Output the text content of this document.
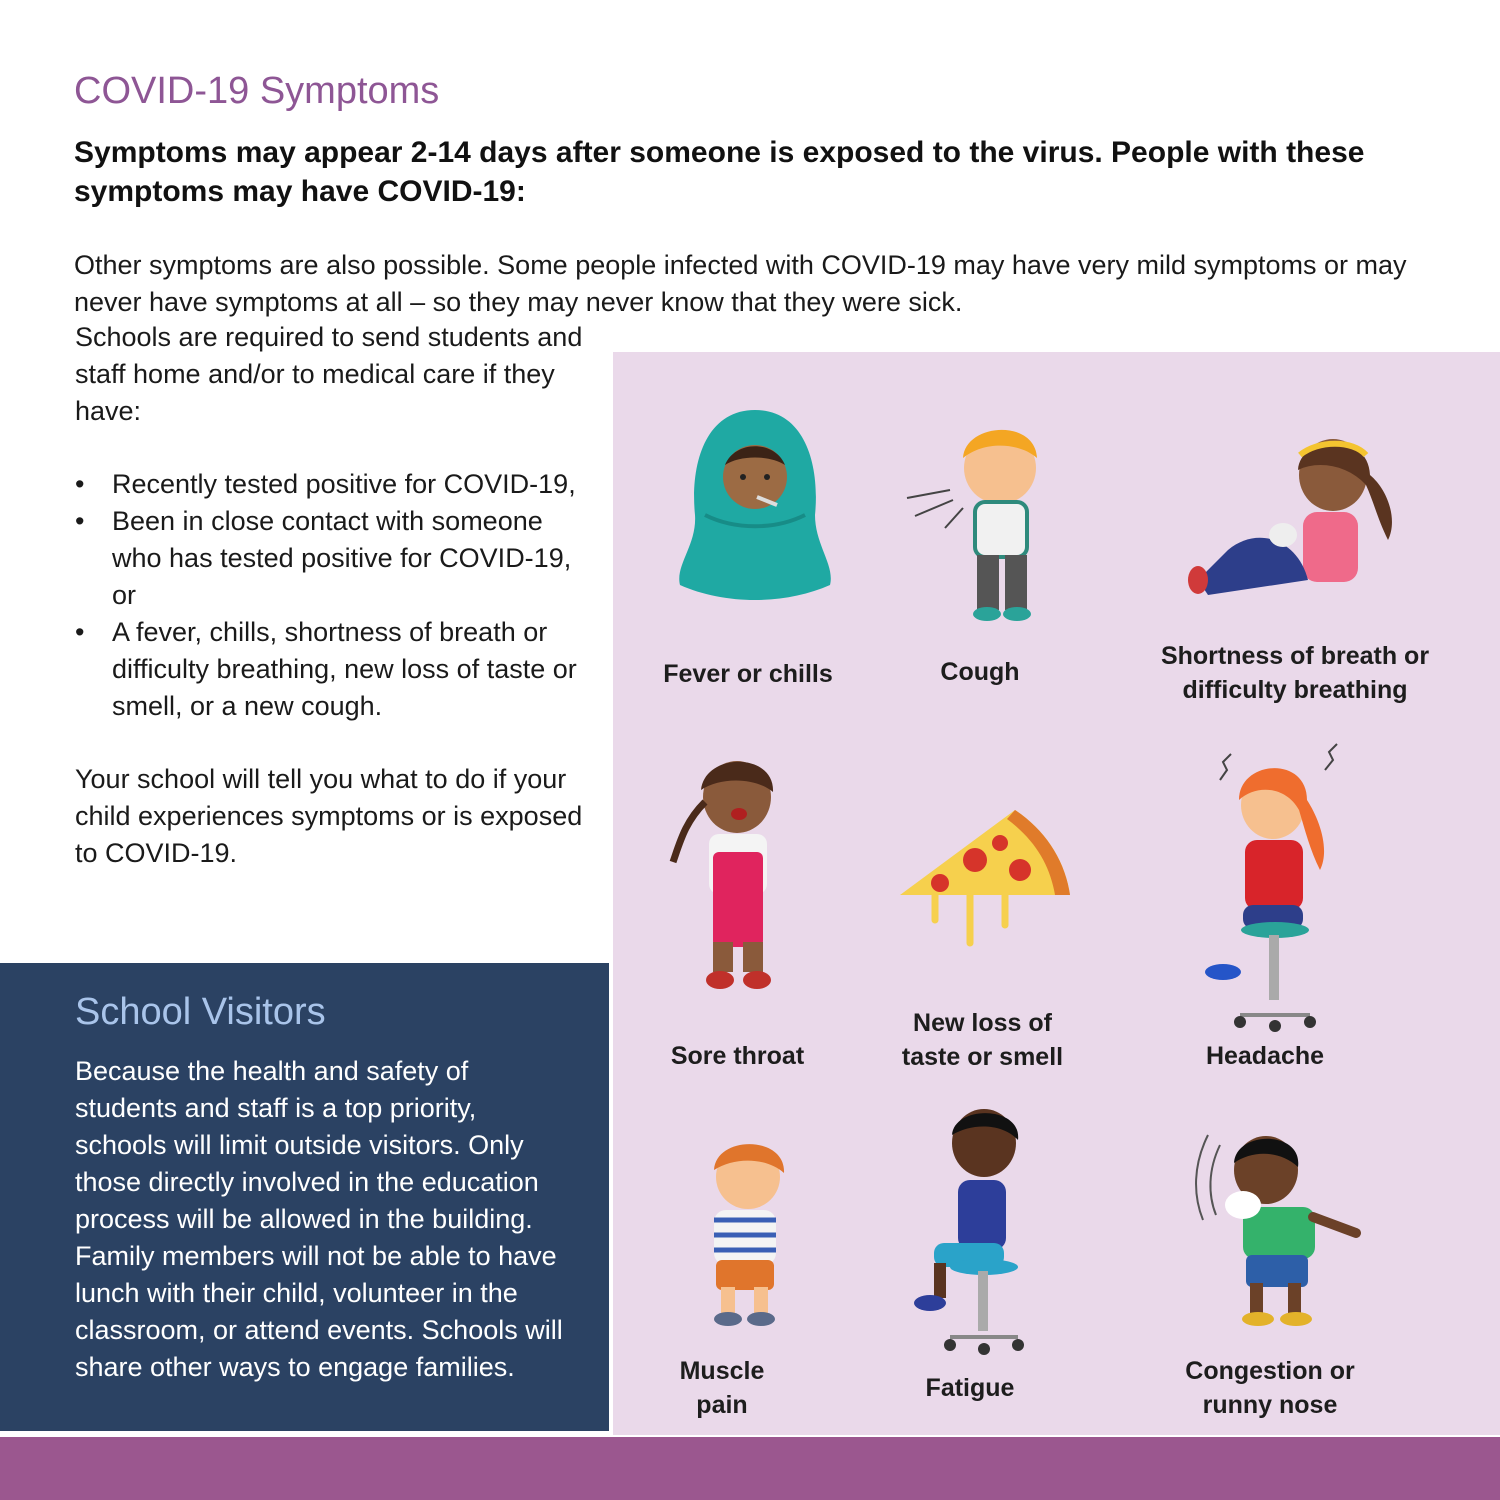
COVID-19 Symptoms

Symptoms may appear 2-14 days after someone is exposed to the virus. People with these symptoms may have COVID-19:

Other symptoms are also possible. Some people infected with COVID-19 may have very mild symptoms or may never have symptoms at all – so they may never know that they were sick.

Schools are required to send students and staff home and/or to medical care if they have:

• Recently tested positive for COVID-19,
• Been in close contact with someone who has tested positive for COVID-19, or
• A fever, chills, shortness of breath or difficulty breathing, new loss of taste or smell, or a new cough.

Your school will tell you what to do if your child experiences symptoms or is exposed to COVID-19.

School Visitors

Because the health and safety of students and staff is a top priority, schools will limit outside visitors. Only those directly involved in the education process will be allowed in the building. Family members will not be able to have lunch with their child, volunteer in the classroom, or attend events. Schools will share other ways to engage families.

Fever or chills	Cough
Shortness of breath or
difficulty breathing
Sore throat
New loss of
taste or smell	Headache
Muscle
pain
Fatigue
Congestion or
runny nose
